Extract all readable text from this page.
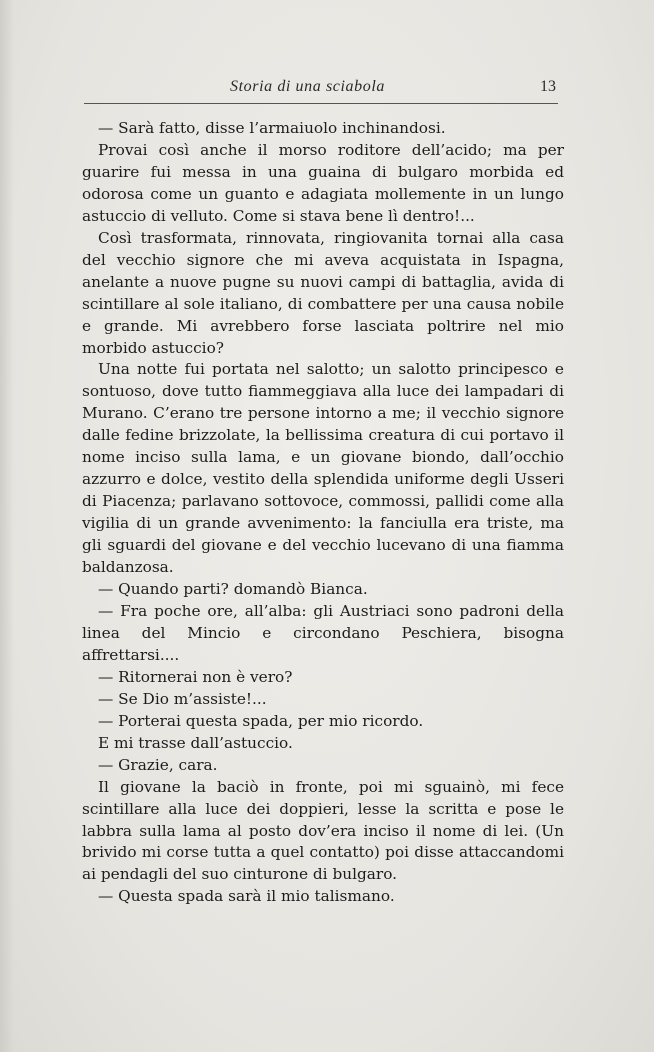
Storia di una sciabola	13

— Sarà fatto, disse l’armaiuolo inchinandosi.

Provai così anche il morso roditore dell’acido; ma per guarire fui messa in una guaina di bulgaro morbida ed odorosa come un guanto e adagiata mollemente in un lungo astuccio di velluto. Come si stava bene lì dentro!...

Così trasformata, rinnovata, ringiovanita tornai alla casa del vecchio signore che mi aveva acquistata in Ispagna, anelante a nuove pugne su nuovi campi di battaglia, avida di scintillare al sole italiano, di combattere per una causa nobile e grande. Mi avrebbero forse lasciata poltrire nel mio morbido astuccio?

Una notte fui portata nel salotto; un salotto principesco e sontuoso, dove tutto fiammeggiava alla luce dei lampadari di Murano. C’erano tre persone intorno a me; il vecchio signore dalle fedine brizzolate, la bellissima creatura di cui portavo il nome inciso sulla lama, e un giovane biondo, dall’occhio azzurro e dolce, vestito della splendida uniforme degli Usseri di Piacenza; parlavano sottovoce, commossi, pallidi come alla vigilia di un grande avvenimento: la fanciulla era triste, ma gli sguardi del giovane e del vecchio lucevano di una fiamma baldanzosa.

— Quando parti? domandò Bianca.

— Fra poche ore, all’alba: gli Austriaci sono padroni della linea del Mincio e circondano Peschiera, bisogna affrettarsi....

— Ritornerai non è vero?

— Se Dio m’assiste!...

— Porterai questa spada, per mio ricordo.

E mi trasse dall’astuccio.

— Grazie, cara.

Il giovane la baciò in fronte, poi mi sguainò, mi fece scintillare alla luce dei doppieri, lesse la scritta e pose le labbra sulla lama al posto dov’era inciso il nome di lei. (Un brivido mi corse tutta a quel contatto) poi disse attaccandomi ai pendagli del suo cinturone di bulgaro.

— Questa spada sarà il mio talismano.
